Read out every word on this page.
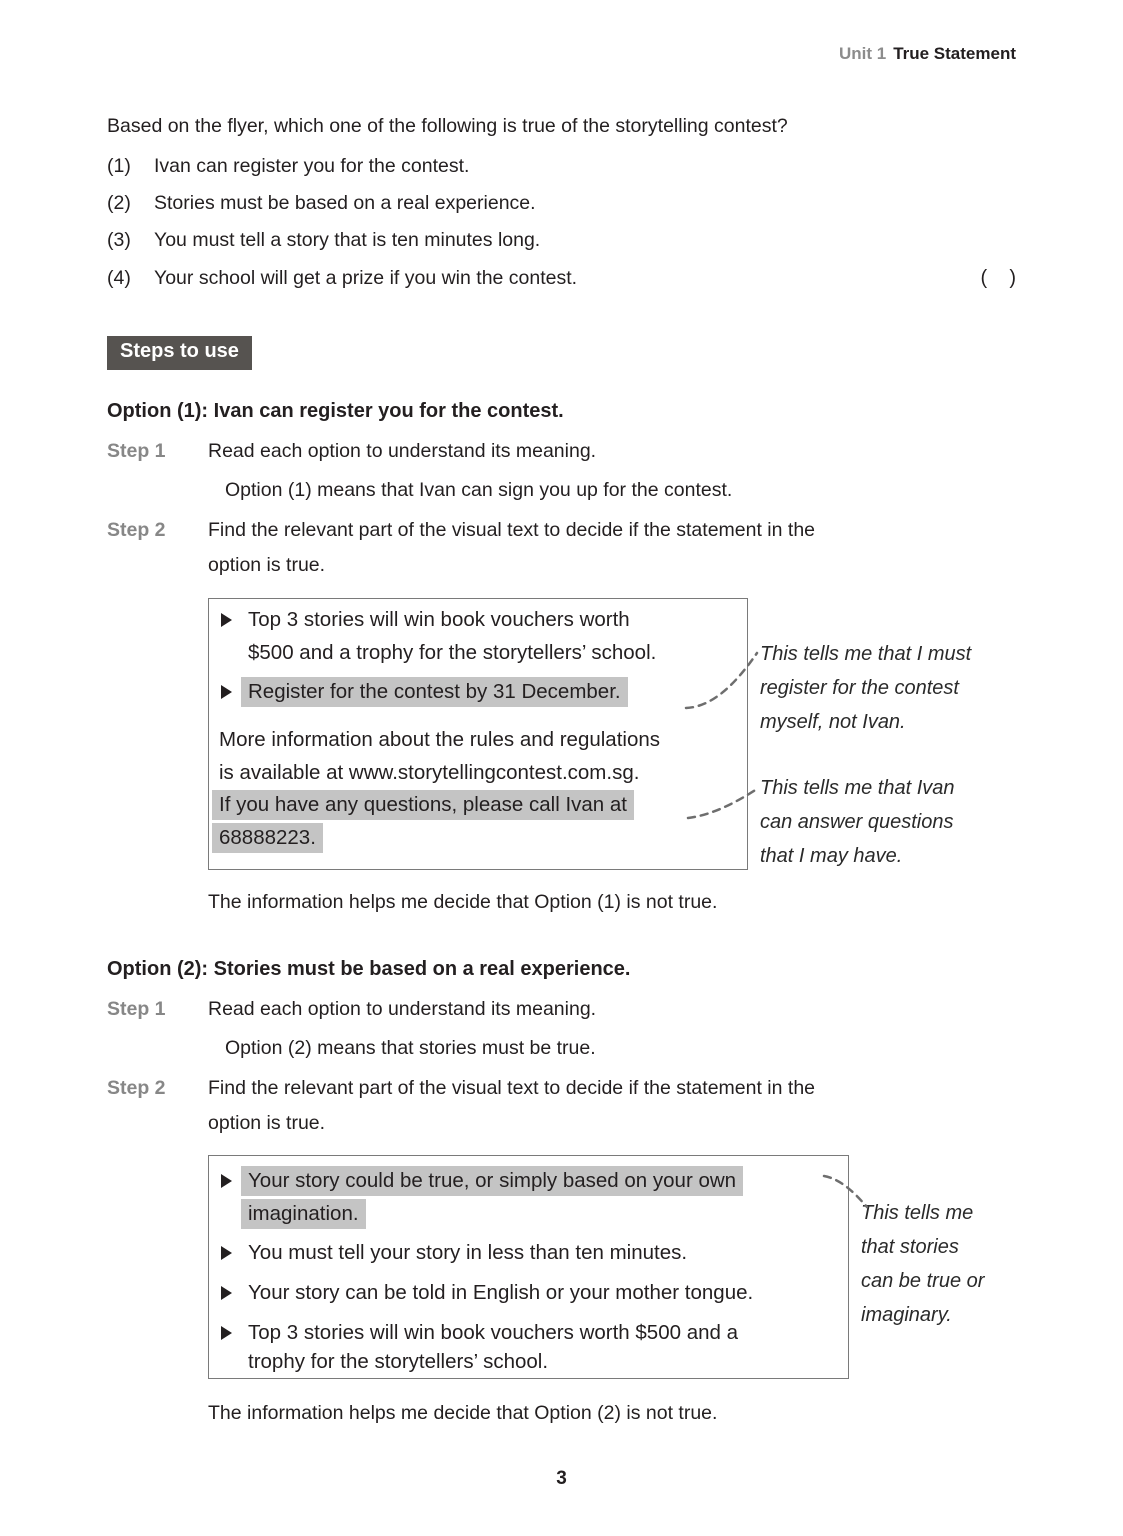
Unit 1 True Statement
Based on the flyer, which one of the following is true of the storytelling contest?
(1)	Ivan can register you for the contest.
(2)	Stories must be based on a real experience.
(3)	You must tell a story that is ten minutes long.
(4)	Your school will get a prize if you win the contest.	(    )
Steps to use
Option (1): Ivan can register you for the contest.
Step 1 Read each option to understand its meaning.
Option (1) means that Ivan can sign you up for the contest.
Step 2 Find the relevant part of the visual text to decide if the statement in the
option is true.
Top 3 stories will win book vouchers worth
$500 and a trophy for the storytellers’ school.
Register for the contest by 31 December.
More information about the rules and regulations
is available at www.storytellingcontest.com.sg.
If you have any questions, please call Ivan at
68888223.
This tells me that I must
register for the contest
myself, not Ivan.
This tells me that Ivan
can answer questions
that I may have.
The information helps me decide that Option (1) is not true.
Option (2): Stories must be based on a real experience.
Step 1 Read each option to understand its meaning.
Option (2) means that stories must be true.
Step 2 Find the relevant part of the visual text to decide if the statement in the
option is true.
Your story could be true, or simply based on your own
imagination.
You must tell your story in less than ten minutes.
Your story can be told in English or your mother tongue.
Top 3 stories will win book vouchers worth $500 and a
trophy for the storytellers’ school.
This tells me
that stories
can be true or
imaginary.
The information helps me decide that Option (2) is not true.
3
